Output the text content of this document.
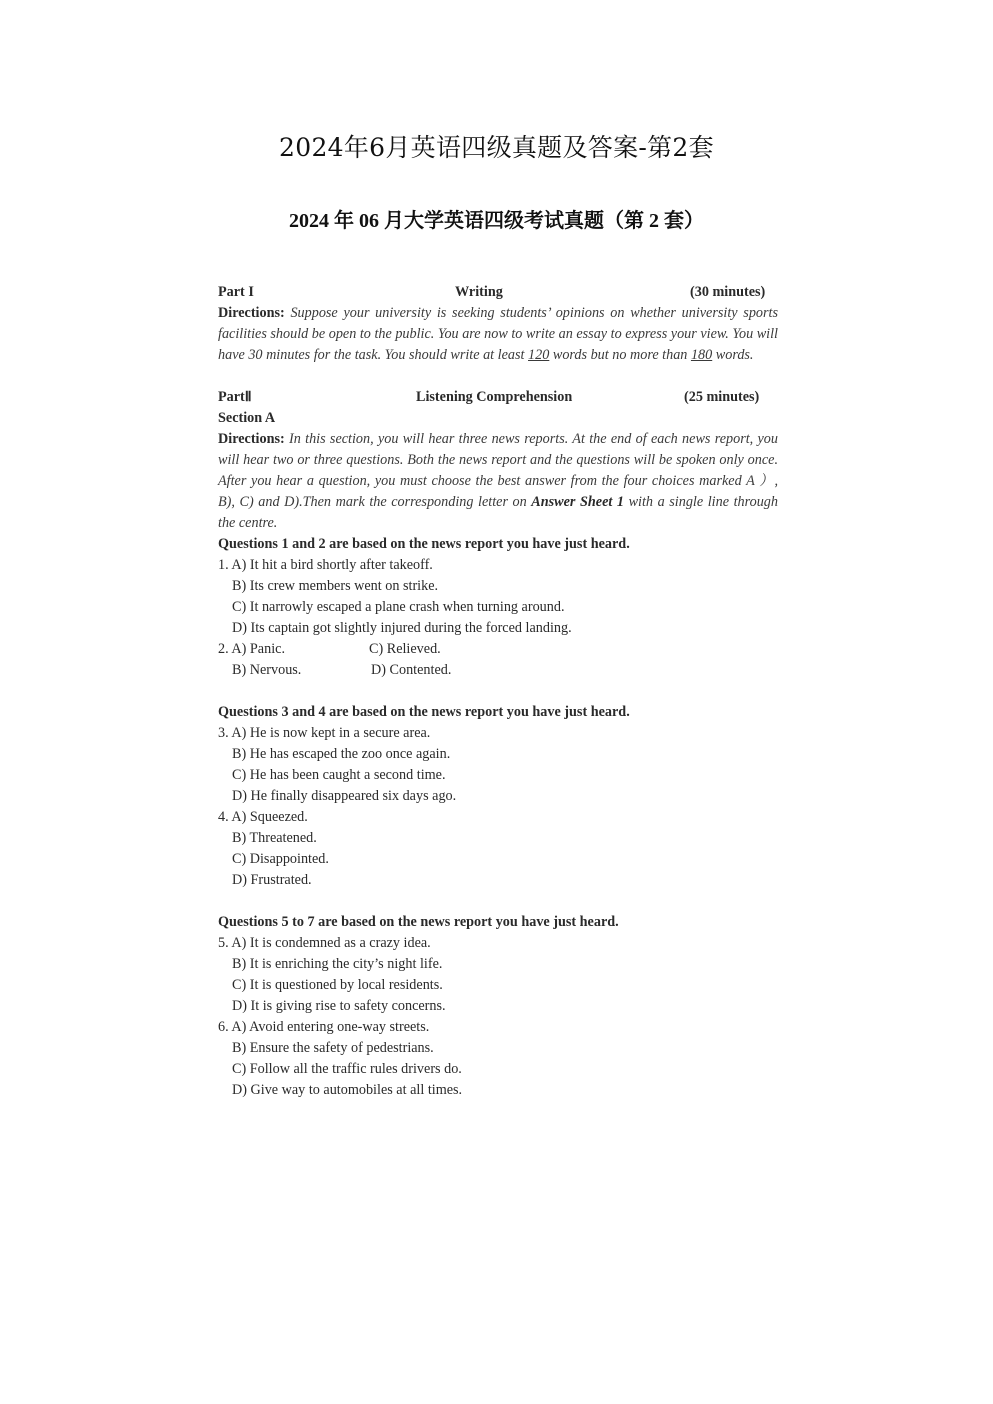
2024年6月英语四级真题及答案-第2套
2024 年 06 月大学英语四级考试真题（第 2 套）
Part I	Writing	(30 minutes)
Directions: Suppose your university is seeking students’ opinions on whether university sports facilities should be open to the public. You are now to write an essay to express your view. You will have 30 minutes for the task. You should write at least 120 words but no more than 180 words.
PartⅡ	Listening Comprehension	(25 minutes)
Section A
Directions: In this section, you will hear three news reports. At the end of each news report, you will hear two or three questions. Both the news report and the questions will be spoken only once. After you hear a question, you must choose the best answer from the four choices marked A ）, B), C) and D).Then mark the corresponding letter on Answer Sheet 1 with a single line through the centre.
Questions 1 and 2 are based on the news report you have just heard.
1. A) It hit a bird shortly after takeoff.
B) Its crew members went on strike.
C) It narrowly escaped a plane crash when turning around.
D) Its captain got slightly injured during the forced landing.
2. A) Panic.	C) Relieved.
B) Nervous.	D) Contented.
Questions 3 and 4 are based on the news report you have just heard.
3. A) He is now kept in a secure area.
B) He has escaped the zoo once again.
C) He has been caught a second time.
D) He finally disappeared six days ago.
4. A) Squeezed.
B) Threatened.
C) Disappointed.
D) Frustrated.
Questions 5 to 7 are based on the news report you have just heard.
5. A) It is condemned as a crazy idea.
B) It is enriching the city’s night life.
C) It is questioned by local residents.
D) It is giving rise to safety concerns.
6. A) Avoid entering one-way streets.
B) Ensure the safety of pedestrians.
C) Follow all the traffic rules drivers do.
D) Give way to automobiles at all times.
